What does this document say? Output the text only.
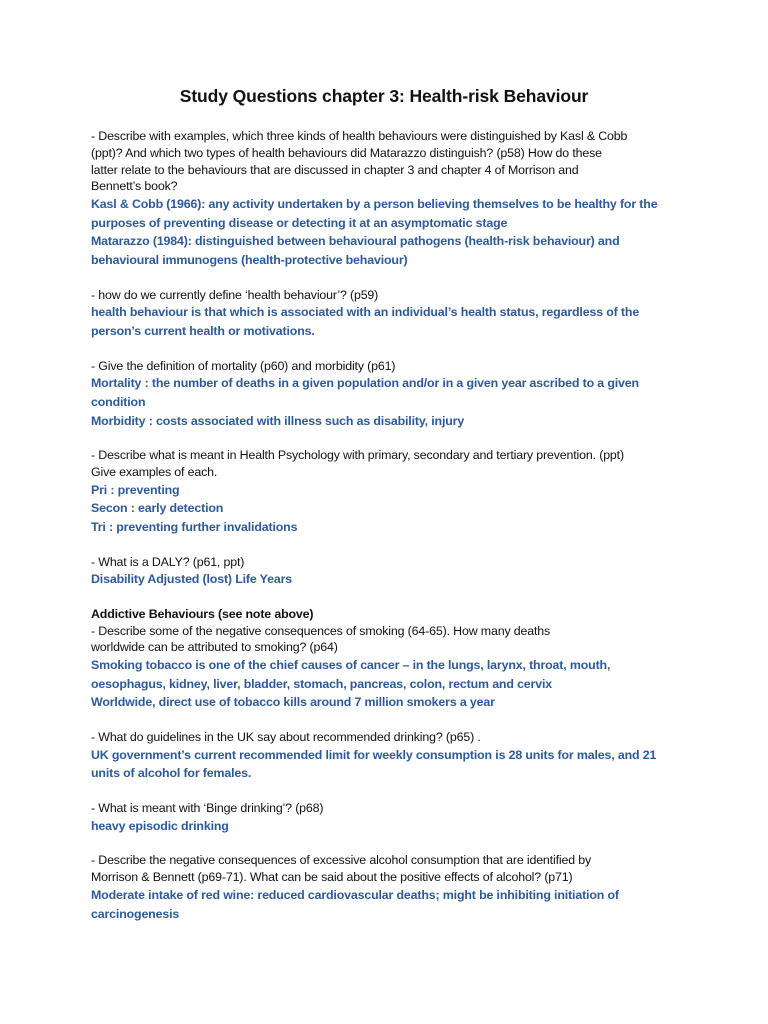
Study Questions chapter 3: Health-risk Behaviour
- Describe with examples, which three kinds of health behaviours were distinguished by Kasl & Cobb
(ppt)? And which two types of health behaviours did Matarazzo distinguish? (p58) How do these
latter relate to the behaviours that are discussed in chapter 3 and chapter 4 of Morrison and
Bennett’s book?
Kasl & Cobb (1966): any activity undertaken by a person believing themselves to be healthy for the
purposes of preventing disease or detecting it at an asymptomatic stage
Matarazzo (1984): distinguished between behavioural pathogens (health-risk behaviour) and
behavioural immunogens (health-protective behaviour)
- how do we currently define ‘health behaviour’? (p59)
health behaviour is that which is associated with an individual’s health status, regardless of the
person’s current health or motivations.
- Give the definition of mortality (p60) and morbidity (p61)
Mortality : the number of deaths in a given population and/or in a given year ascribed to a given
condition
Morbidity : costs associated with illness such as disability, injury
- Describe what is meant in Health Psychology with primary, secondary and tertiary prevention. (ppt)
Give examples of each.
Pri : preventing
Secon : early detection
Tri : preventing further invalidations
- What is a DALY? (p61, ppt)
Disability Adjusted (lost) Life Years
Addictive Behaviours (see note above)
- Describe some of the negative consequences of smoking (64-65). How many deaths
worldwide can be attributed to smoking? (p64)
Smoking tobacco is one of the chief causes of cancer – in the lungs, larynx, throat, mouth,
oesophagus, kidney, liver, bladder, stomach, pancreas, colon, rectum and cervix
Worldwide, direct use of tobacco kills around 7 million smokers a year
- What do guidelines in the UK say about recommended drinking? (p65) .
UK government’s current recommended limit for weekly consumption is 28 units for males, and 21
units of alcohol for females.
- What is meant with ‘Binge drinking’? (p68)
heavy episodic drinking
- Describe the negative consequences of excessive alcohol consumption that are identified by
Morrison & Bennett (p69-71). What can be said about the positive effects of alcohol? (p71)
Moderate intake of red wine: reduced cardiovascular deaths; might be inhibiting initiation of
carcinogenesis
